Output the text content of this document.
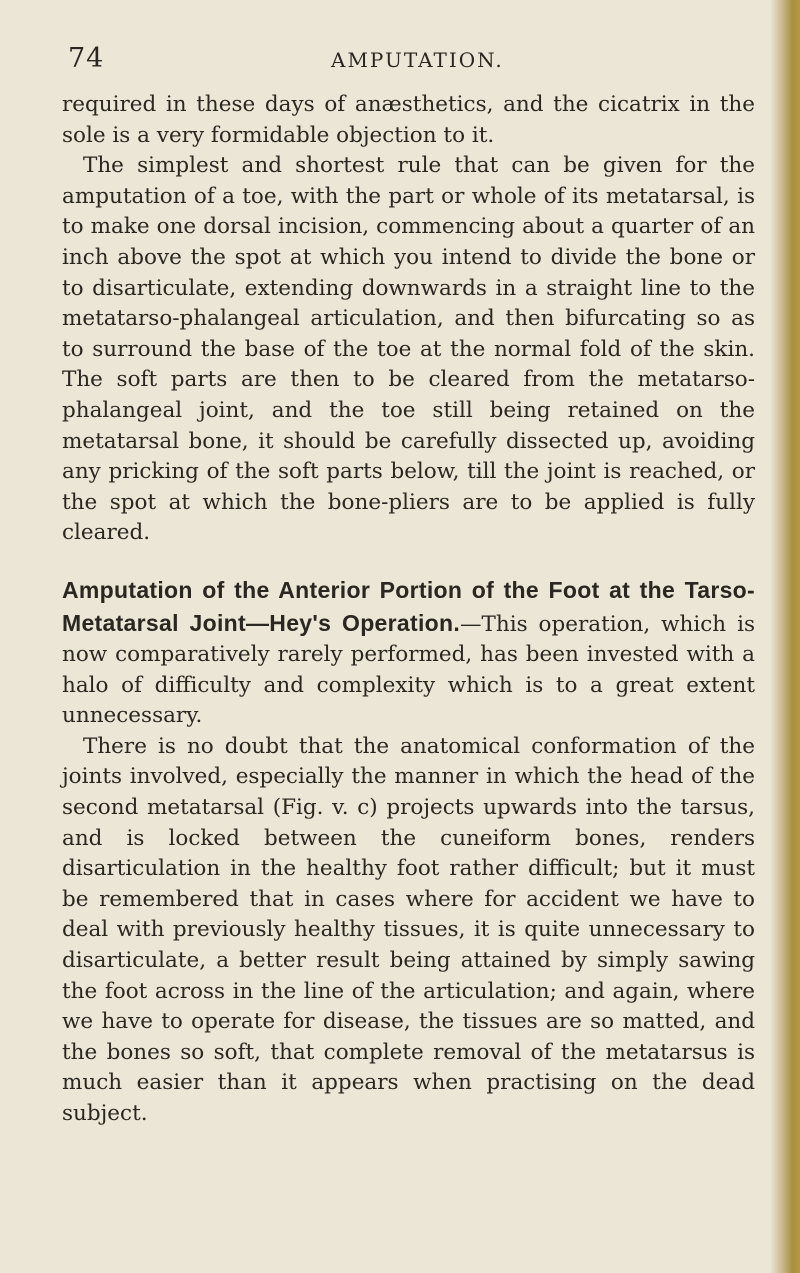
74	AMPUTATION.

required in these days of anæsthetics, and the cicatrix in the sole is a very formidable objection to it.

The simplest and shortest rule that can be given for the amputation of a toe, with the part or whole of its metatarsal, is to make one dorsal incision, commencing about a quarter of an inch above the spot at which you intend to divide the bone or to disarticulate, extending downwards in a straight line to the metatarso-phalangeal articulation, and then bifurcating so as to surround the base of the toe at the normal fold of the skin. The soft parts are then to be cleared from the metatarso-phalangeal joint, and the toe still being retained on the metatarsal bone, it should be carefully dissected up, avoiding any pricking of the soft parts below, till the joint is reached, or the spot at which the bone-pliers are to be applied is fully cleared.

Amputation of the Anterior Portion of the Foot at the Tarso-Metatarsal Joint—Hey's Operation.—This operation, which is now comparatively rarely performed, has been invested with a halo of difficulty and complexity which is to a great extent unnecessary.

There is no doubt that the anatomical conformation of the joints involved, especially the manner in which the head of the second metatarsal (Fig. v. c) projects upwards into the tarsus, and is locked between the cuneiform bones, renders disarticulation in the healthy foot rather difficult; but it must be remembered that in cases where for accident we have to deal with previously healthy tissues, it is quite unnecessary to disarticulate, a better result being attained by simply sawing the foot across in the line of the articulation; and again, where we have to operate for disease, the tissues are so matted, and the bones so soft, that complete removal of the metatarsus is much easier than it appears when practising on the dead subject.
